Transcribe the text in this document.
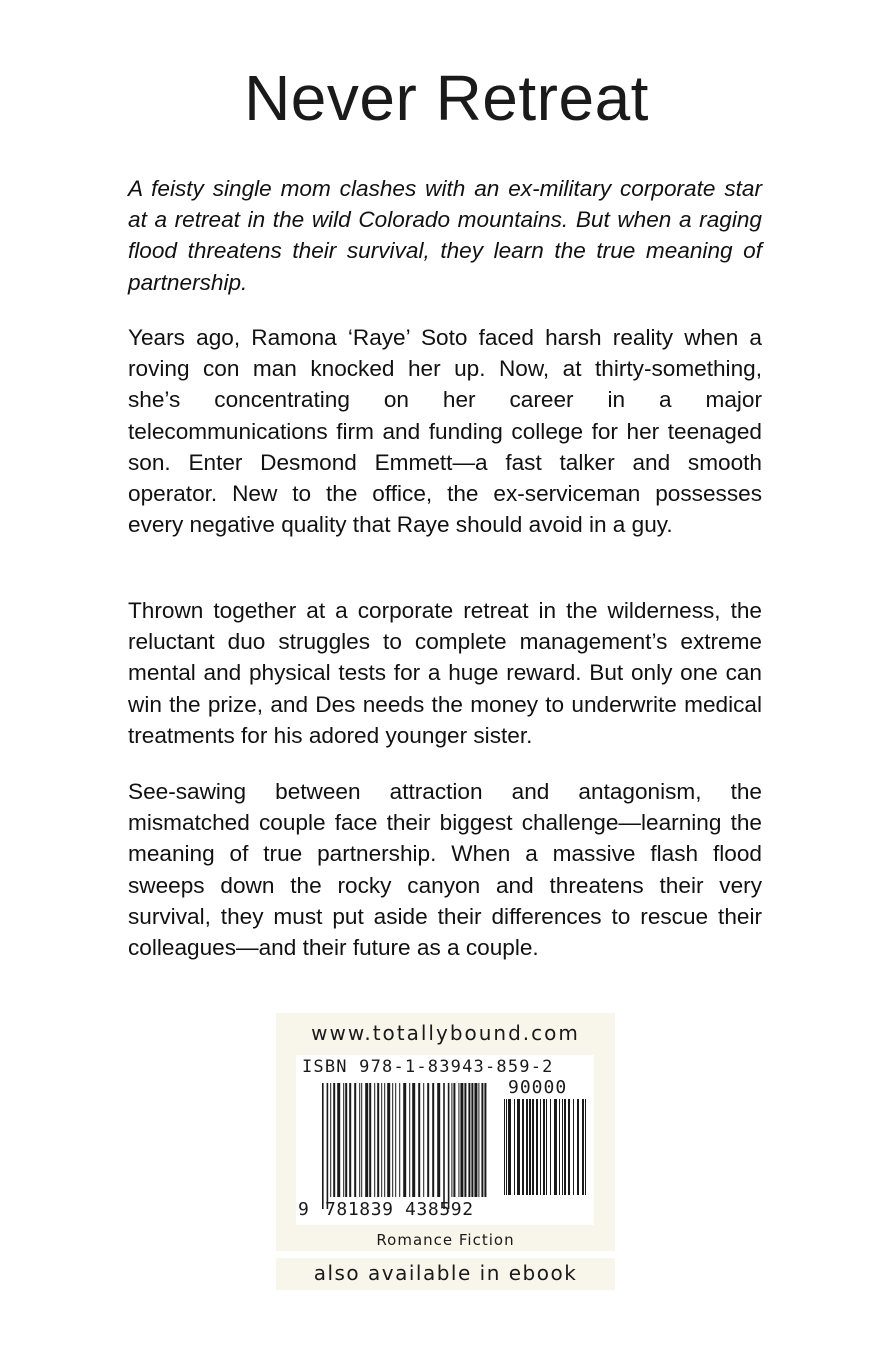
Never Retreat

A feisty single mom clashes with an ex-military corporate star at a retreat in the wild Colorado mountains. But when a raging flood threatens their survival, they learn the true meaning of partnership.

Years ago, Ramona ‘Raye’ Soto faced harsh reality when a roving con man knocked her up. Now, at thirty-something, she’s concentrating on her career in a major telecommunications firm and funding college for her teenaged son. Enter Desmond Emmett—a fast talker and smooth operator. New to the office, the ex-serviceman possesses every negative quality that Raye should avoid in a guy.

Thrown together at a corporate retreat in the wilderness, the reluctant duo struggles to complete management’s extreme mental and physical tests for a huge reward. But only one can win the prize, and Des needs the money to underwrite medical treatments for his adored younger sister.

See-sawing between attraction and antagonism, the mismatched couple face their biggest challenge—learning the meaning of true partnership. When a massive flash flood sweeps down the rocky canyon and threatens their very survival, they must put aside their differences to rescue their colleagues—and their future as a couple.

www.totallybound.com
ISBN 978-1-83943-859-2
90000
9 781839 438592
Romance Fiction
also available in ebook
